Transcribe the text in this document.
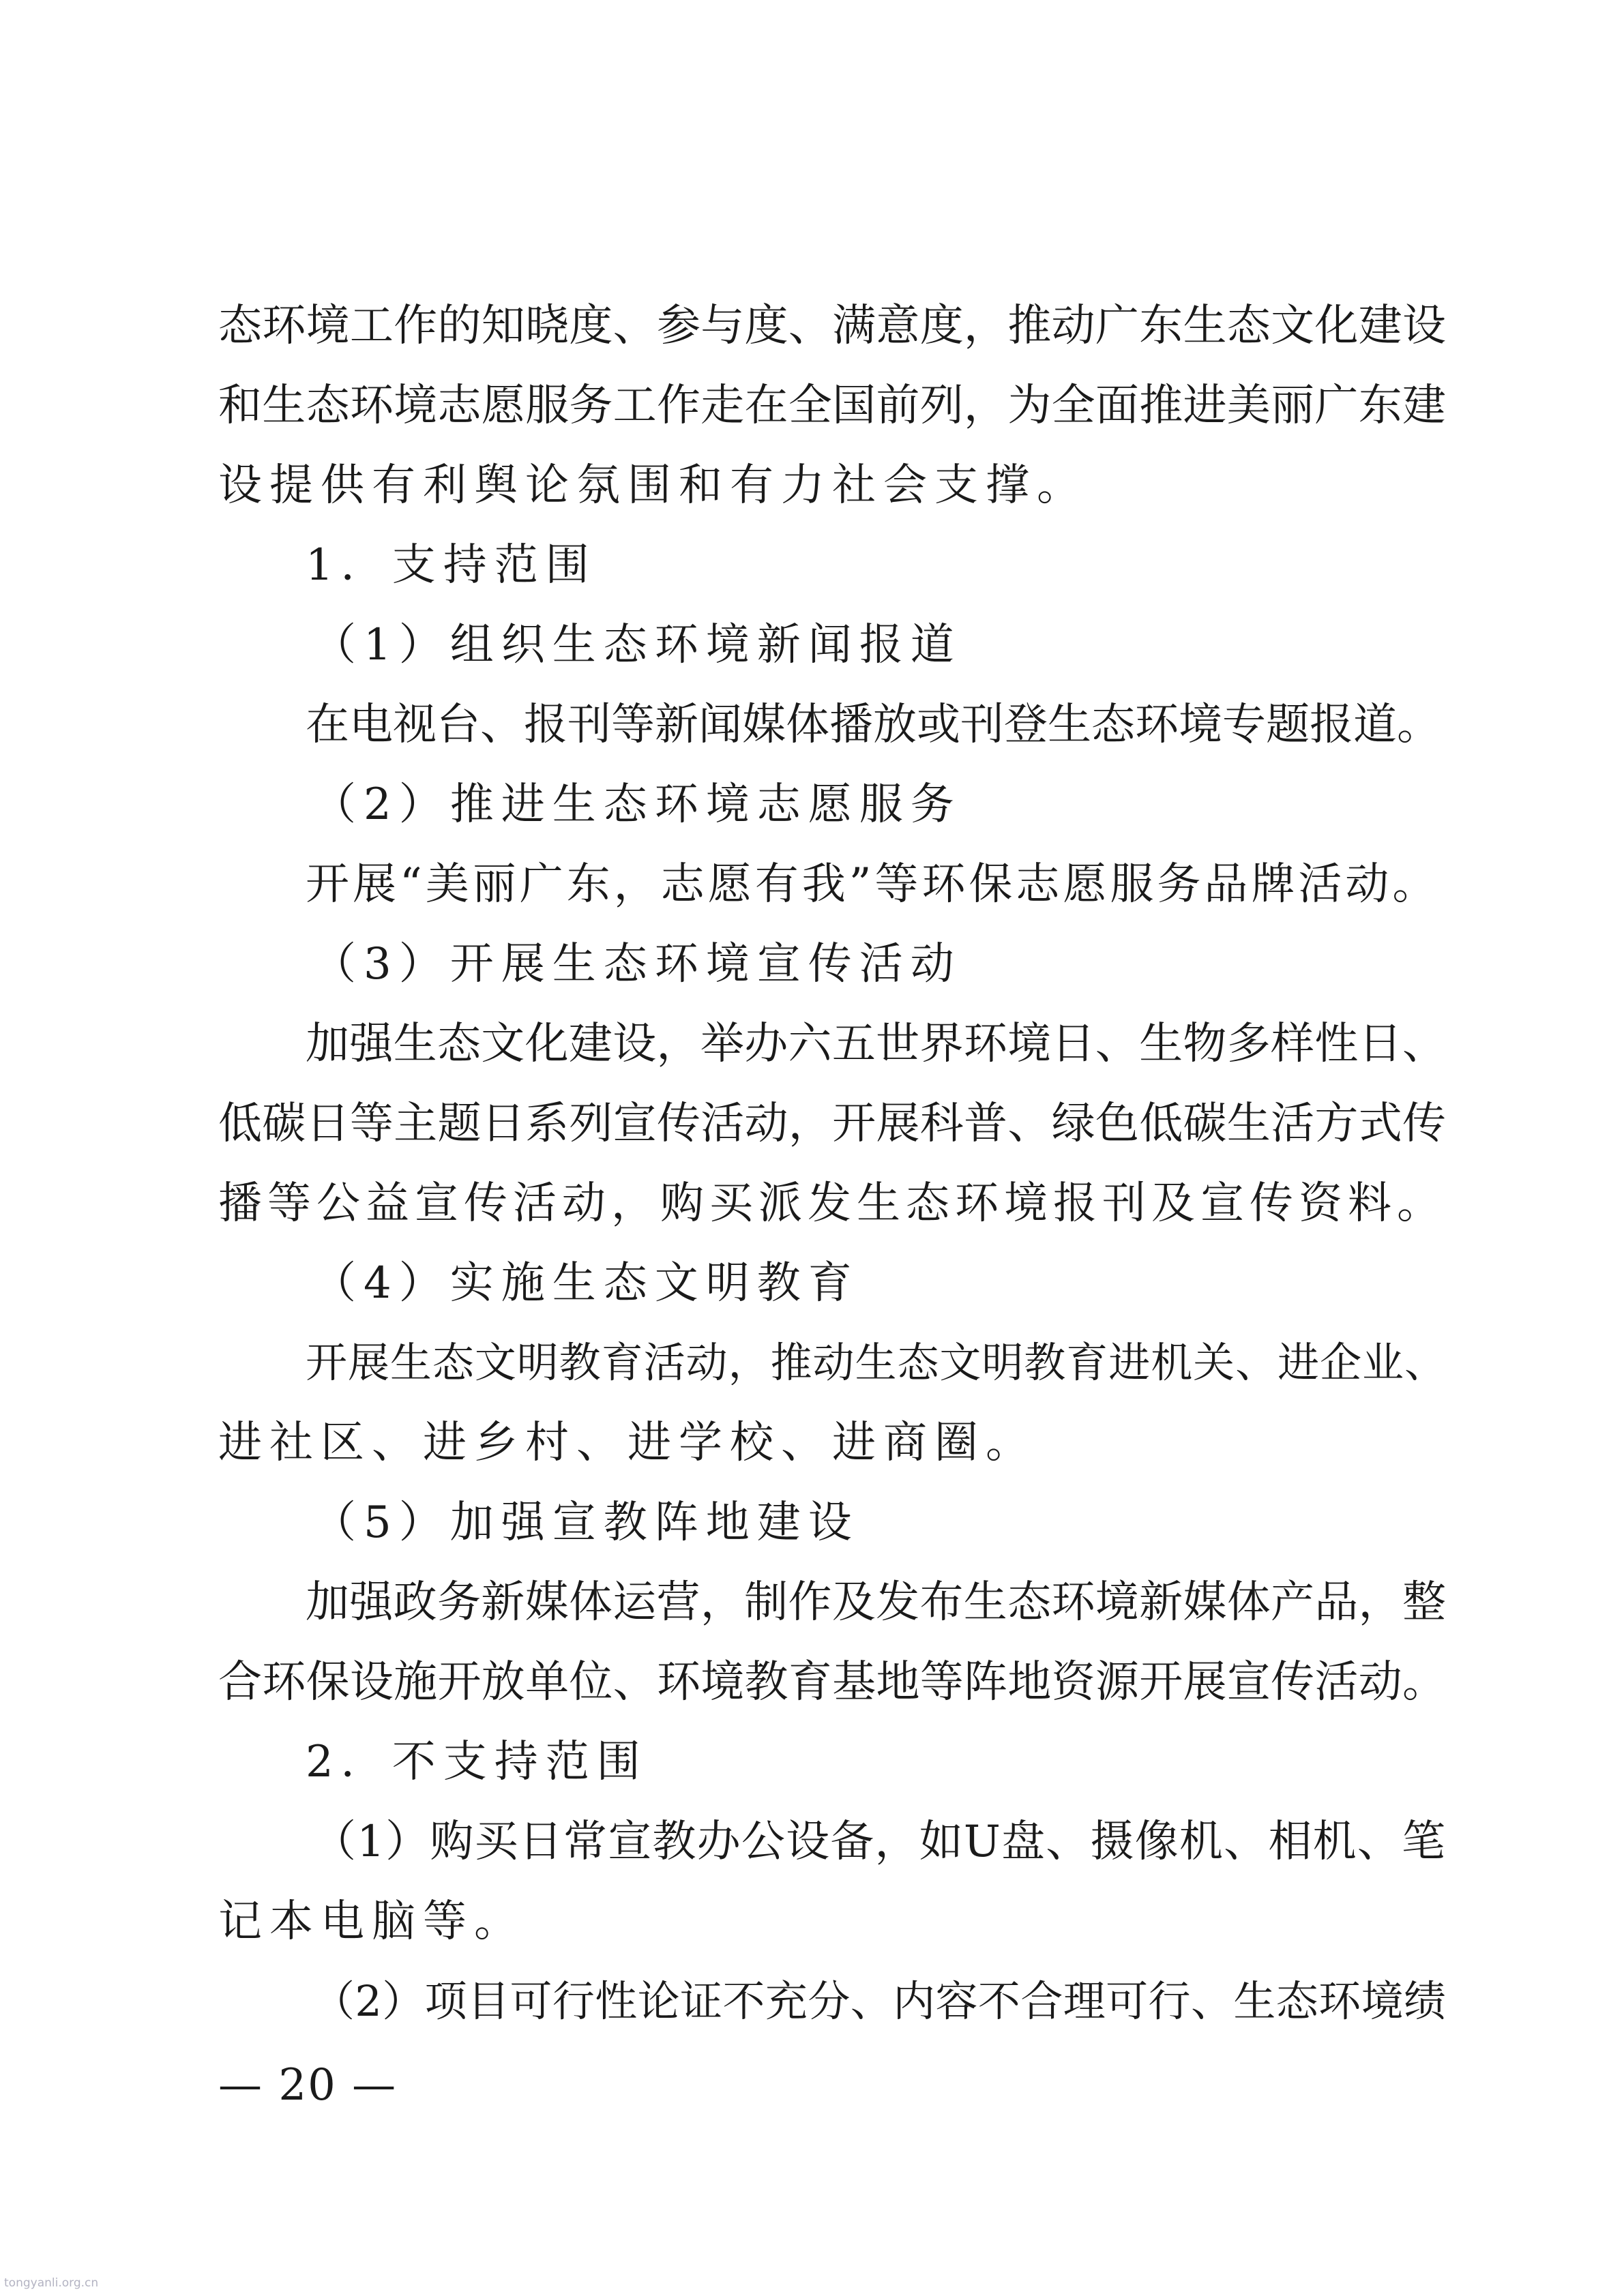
态环境工作的知晓度、参与度、满意度，推动广东生态文化建设
和生态环境志愿服务工作走在全国前列，为全面推进美丽广东建
设提供有利舆论氛围和有力社会支撑。
1．支持范围
（1）组织生态环境新闻报道
在电视台、报刊等新闻媒体播放或刊登生态环境专题报道。
（2）推进生态环境志愿服务
开展“美丽广东，志愿有我”等环保志愿服务品牌活动。
（3）开展生态环境宣传活动
加强生态文化建设，举办六五世界环境日、生物多样性日、
低碳日等主题日系列宣传活动，开展科普、绿色低碳生活方式传
播等公益宣传活动，购买派发生态环境报刊及宣传资料。
（4）实施生态文明教育
开展生态文明教育活动，推动生态文明教育进机关、进企业、
进社区、进乡村、进学校、进商圈。
（5）加强宣教阵地建设
加强政务新媒体运营，制作及发布生态环境新媒体产品，整
合环保设施开放单位、环境教育基地等阵地资源开展宣传活动。
2．不支持范围
（1）购买日常宣教办公设备，如U盘、摄像机、相机、笔
记本电脑等。
（2）项目可行性论证不充分、内容不合理可行、生态环境绩
— 20 —
tongyanli.org.cn
